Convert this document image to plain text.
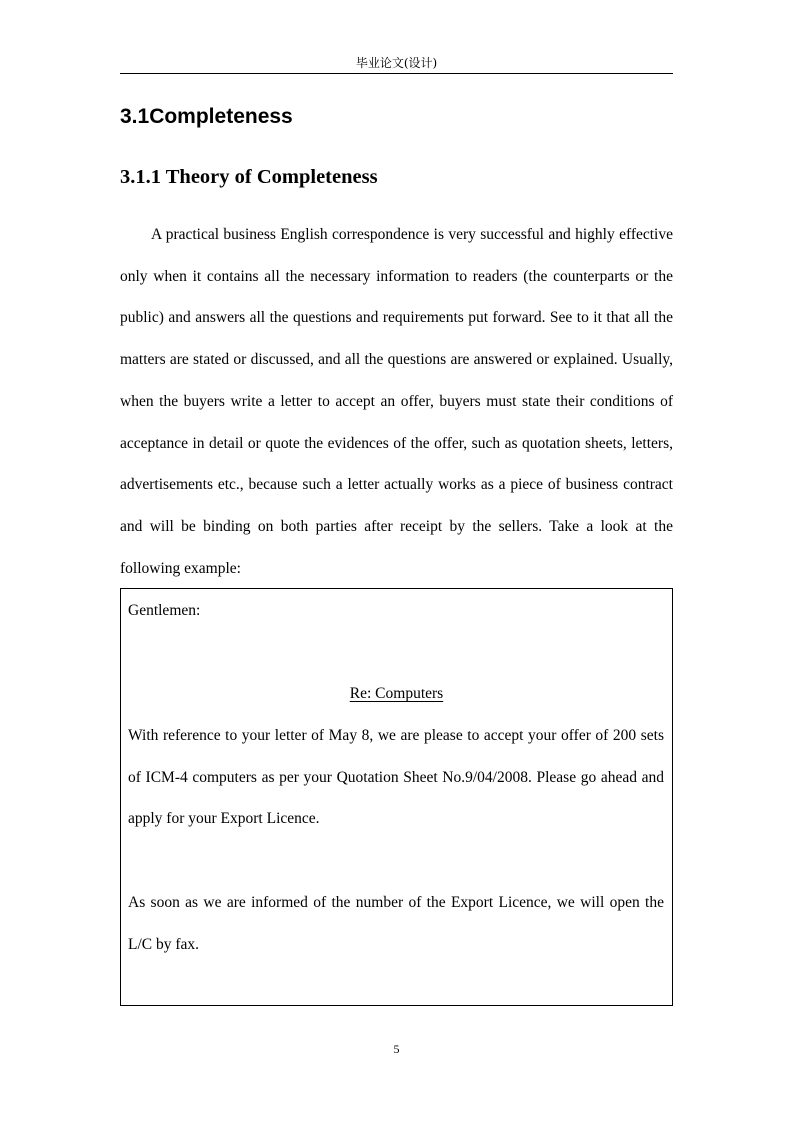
毕业论文(设计)
3.1Completeness
3.1.1 Theory of Completeness

A practical business English correspondence is very successful and highly effective only when it contains all the necessary information to readers (the counterparts or the public) and answers all the questions and requirements put forward. See to it that all the matters are stated or discussed, and all the questions are answered or explained. Usually, when the buyers write a letter to accept an offer, buyers must state their conditions of acceptance in detail or quote the evidences of the offer, such as quotation sheets, letters, advertisements etc., because such a letter actually works as a piece of business contract and will be binding on both parties after receipt by the sellers. Take a look at the following example:

Gentlemen:

Re: Computers

With reference to your letter of May 8, we are please to accept your offer of 200 sets of ICM-4 computers as per your Quotation Sheet No.9/04/2008. Please go ahead and apply for your Export Licence.

As soon as we are informed of the number of the Export Licence, we will open the L/C by fax.

5
